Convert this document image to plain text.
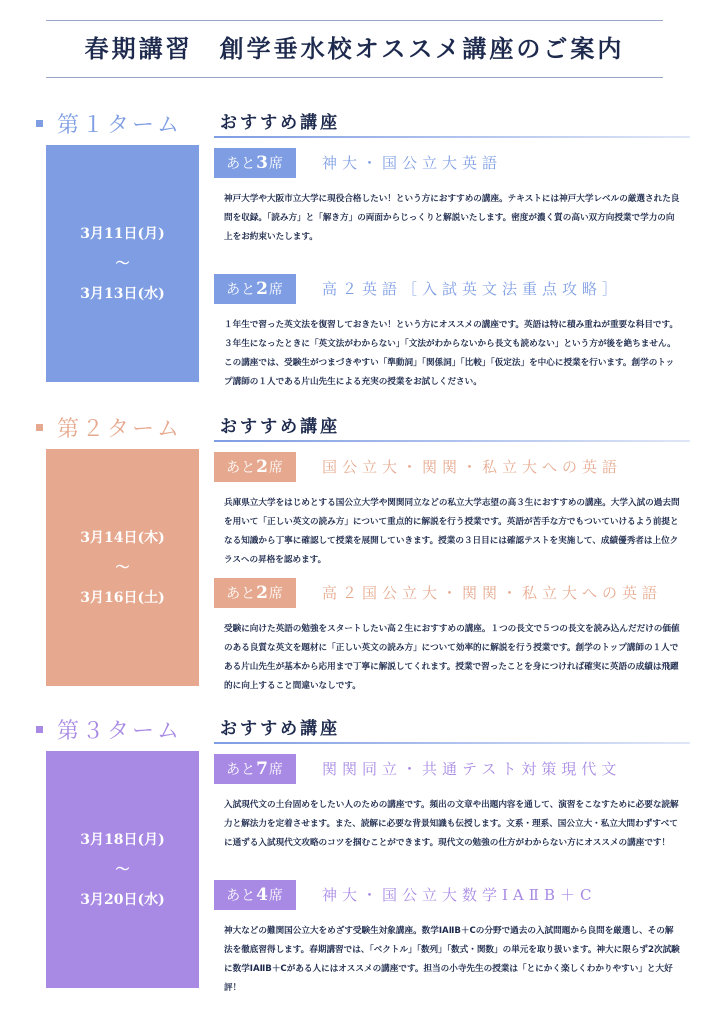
春期講習　創学垂水校オススメ講座のご案内
第１ターム
3月11日(月)
～
3月13日(水)
おすすめ講座
あと3席	神大・国公立大英語
神戸大学や大阪市立大学に現役合格したい！という方におすすめの講座。テキストには神戸大学レベルの厳選された良問を収録。「読み方」と「解き方」の両面からじっくりと解説いたします。密度が濃く質の高い双方向授業で学力の向上をお約束いたします。
あと2席	高２英語［入試英文法重点攻略］
１年生で習った英文法を復習しておきたい！という方にオススメの講座です。英語は特に積み重ねが重要な科目です。３年生になったときに「英文法がわからない」「文法がわからないから長文も読めない」という方が後を絶ちません。この講座では、受験生がつまづきやすい「準動詞」「関係詞」「比較」「仮定法」を中心に授業を行います。創学のトップ講師の１人である片山先生による充実の授業をお試しください。
第２ターム
3月14日(木)
～
3月16日(土)
おすすめ講座
あと2席	国公立大・関関・私立大への英語
兵庫県立大学をはじめとする国公立大学や関関同立などの私立大学志望の高３生におすすめの講座。大学入試の過去問を用いて「正しい英文の読み方」について重点的に解説を行う授業です。英語が苦手な方でもついていけるよう前提となる知識から丁寧に確認して授業を展開していきます。授業の３日目には確認テストを実施して、成績優秀者は上位クラスへの昇格を認めます。
あと2席	高２国公立大・関関・私立大への英語
受験に向けた英語の勉強をスタートしたい高２生におすすめの講座。１つの長文で５つの長文を読み込んだだけの価値のある良質な英文を題材に「正しい英文の読み方」について効率的に解説を行う授業です。創学のトップ講師の１人である片山先生が基本から応用まで丁寧に解説してくれます。授業で習ったことを身につければ確実に英語の成績は飛躍的に向上すること間違いなしです。
第３ターム
3月18日(月)
～
3月20日(水)
おすすめ講座
あと7席	関関同立・共通テスト対策現代文
入試現代文の土台固めをしたい人のための講座です。頻出の文章や出題内容を通して、演習をこなすために必要な読解力と解法力を定着させます。また、読解に必要な背景知識も伝授します。文系・理系、国公立大・私立大問わずすべてに通ずる入試現代文攻略のコツを掴むことができます。現代文の勉強の仕方がわからない方にオススメの講座です！
あと4席	神大・国公立大数学ⅠAⅡB＋C
神大などの難関国公立大をめざす受験生対象講座。数学ⅠAⅡB＋Cの分野で過去の入試問題から良問を厳選し、その解法を徹底習得します。春期講習では、「ベクトル」「数列」「数式・関数」の単元を取り扱います。神大に限らず2次試験に数学ⅠAⅡB＋Cがある人にはオススメの講座です。担当の小寺先生の授業は「とにかく楽しくわかりやすい」と大好評！
